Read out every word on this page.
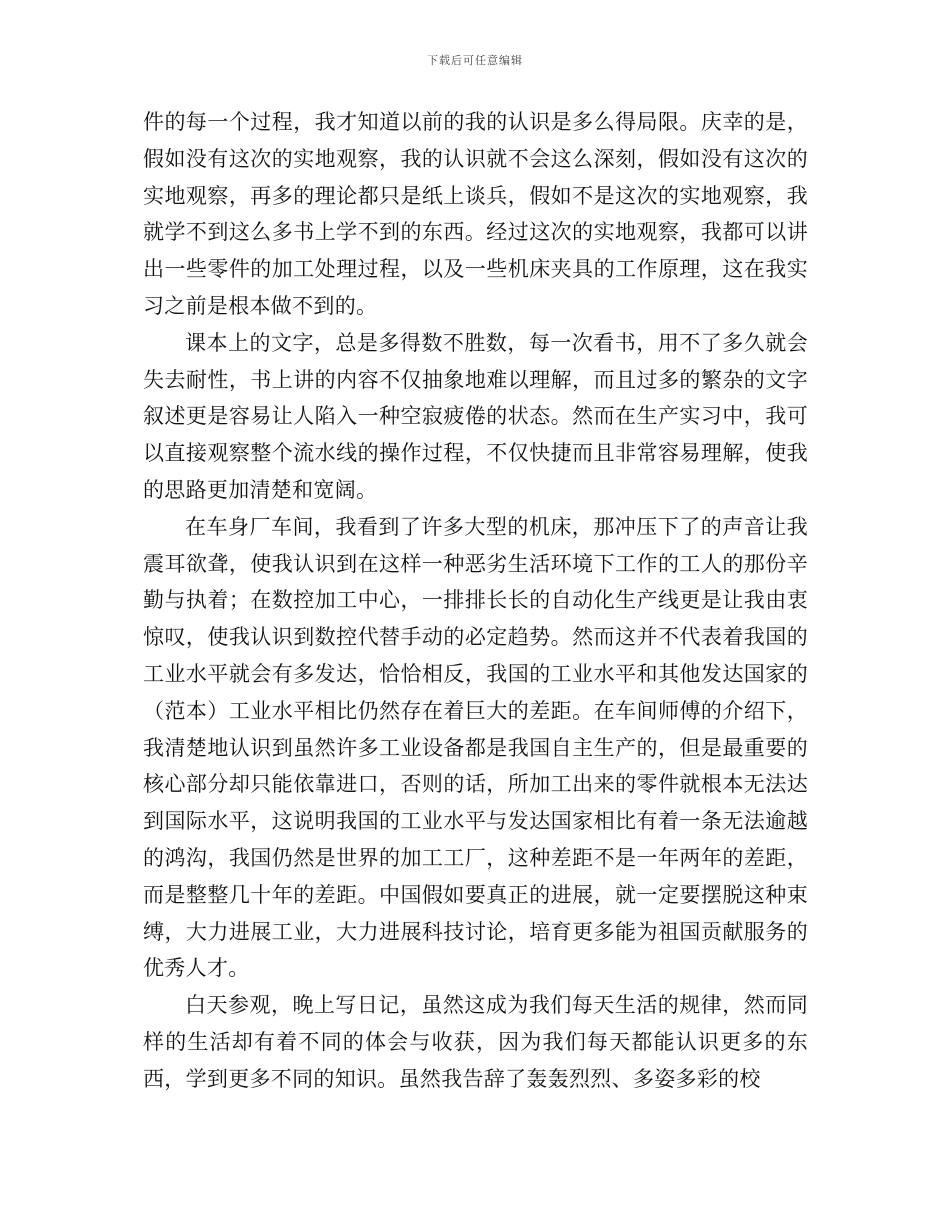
下载后可任意编辑

件的每一个过程，我才知道以前的我的认识是多么得局限。庆幸的是，假如没有这次的实地观察，我的认识就不会这么深刻，假如没有这次的实地观察，再多的理论都只是纸上谈兵，假如不是这次的实地观察，我就学不到这么多书上学不到的东西。经过这次的实地观察，我都可以讲出一些零件的加工处理过程，以及一些机床夹具的工作原理，这在我实习之前是根本做不到的。

课本上的文字，总是多得数不胜数，每一次看书，用不了多久就会失去耐性，书上讲的内容不仅抽象地难以理解，而且过多的繁杂的文字叙述更是容易让人陷入一种空寂疲倦的状态。然而在生产实习中，我可以直接观察整个流水线的操作过程，不仅快捷而且非常容易理解，使我的思路更加清楚和宽阔。

在车身厂车间，我看到了许多大型的机床，那冲压下了的声音让我震耳欲聋，使我认识到在这样一种恶劣生活环境下工作的工人的那份辛勤与执着；在数控加工中心，一排排长长的自动化生产线更是让我由衷惊叹，使我认识到数控代替手动的必定趋势。然而这并不代表着我国的工业水平就会有多发达，恰恰相反，我国的工业水平和其他发达国家的（范本）工业水平相比仍然存在着巨大的差距。在车间师傅的介绍下，我清楚地认识到虽然许多工业设备都是我国自主生产的，但是最重要的核心部分却只能依靠进口，否则的话，所加工出来的零件就根本无法达到国际水平，这说明我国的工业水平与发达国家相比有着一条无法逾越的鸿沟，我国仍然是世界的加工工厂，这种差距不是一年两年的差距，而是整整几十年的差距。中国假如要真正的进展，就一定要摆脱这种束缚，大力进展工业，大力进展科技讨论，培育更多能为祖国贡献服务的优秀人才。

白天参观，晚上写日记，虽然这成为我们每天生活的规律，然而同样的生活却有着不同的体会与收获，因为我们每天都能认识更多的东西，学到更多不同的知识。虽然我告辞了轰轰烈烈、多姿多彩的校
